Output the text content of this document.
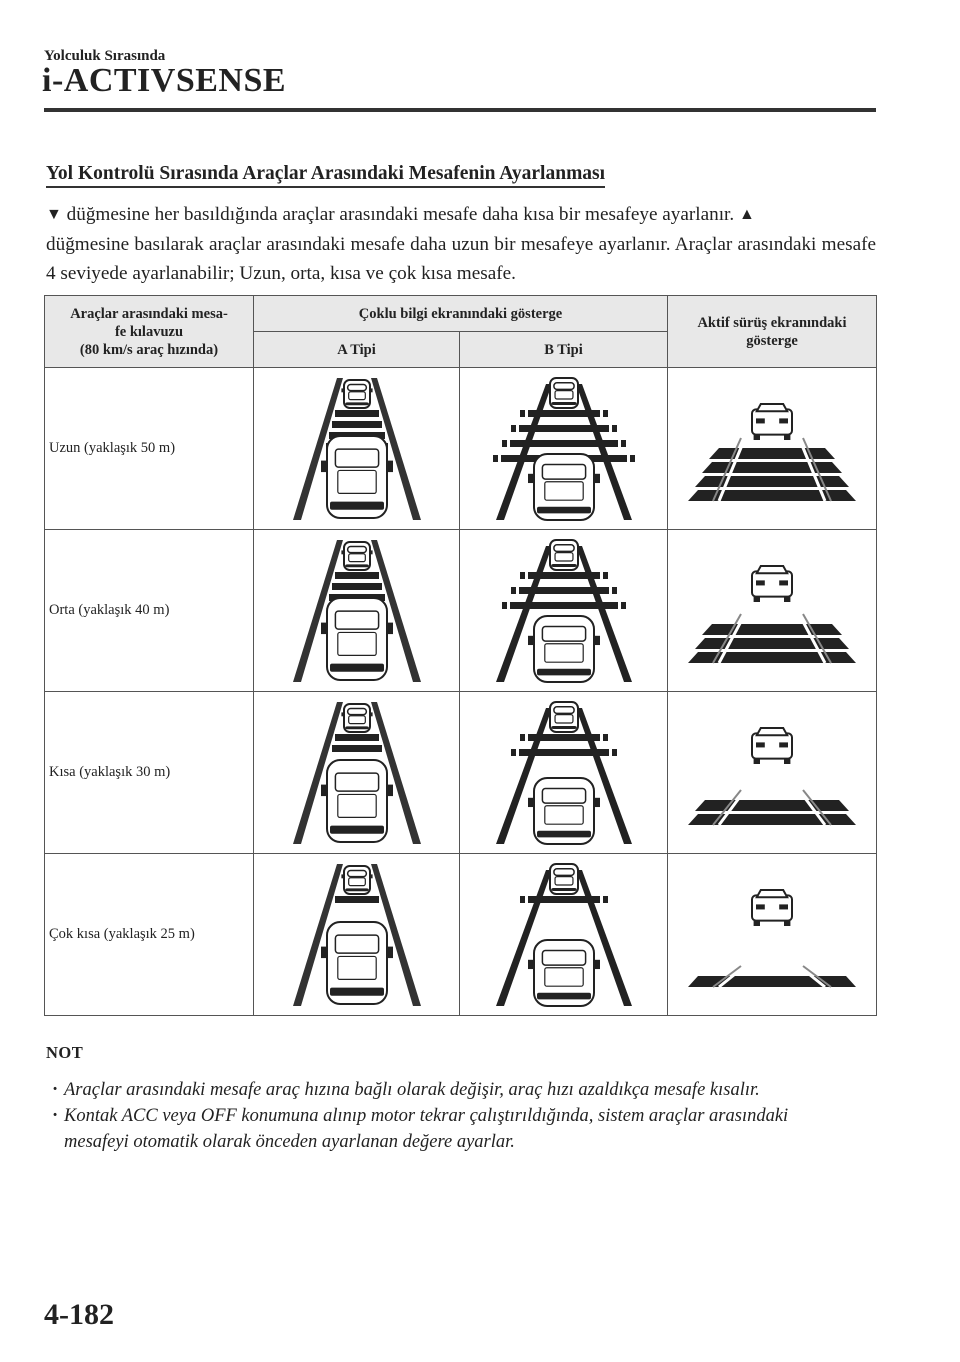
Yolculuk Sırasında
i-ACTIVSENSE
Yol Kontrolü Sırasında Araçlar Arasındaki Mesafenin Ayarlanması

▼ düğmesine her basıldığında araçlar arasındaki mesafe daha kısa bir mesafeye ayarlanır. ▲

düğmesine basılarak araçlar arasındaki mesafe daha uzun bir mesafeye ayarlanır. Araçlar arasındaki mesafe 4 seviyede ayarlanabilir; Uzun, orta, kısa ve çok kısa mesafe.

Araçlar arasındaki mesa-
fe kılavuzu
(80 km/s araç hızında)	Çoklu bilgi ekranındaki gösterge		Aktif sürüş ekranındaki
gösterge
	A Tipi	B Tipi	
Uzun (yaklaşık 50 m)	

Orta (yaklaşık 40 m)	

Kısa (yaklaşık 30 m)	

Çok kısa (yaklaşık 25 m)	

NOT
· Araçlar arasındaki mesafe araç hızına bağlı olarak değişir, araç hızı azaldıkça mesafe kısalır.
· Kontak ACC veya OFF konumuna alınıp motor tekrar çalıştırıldığında, sistem araçlar arasındaki mesafeyi otomatik olarak önceden ayarlanan değere ayarlar.
4-182
